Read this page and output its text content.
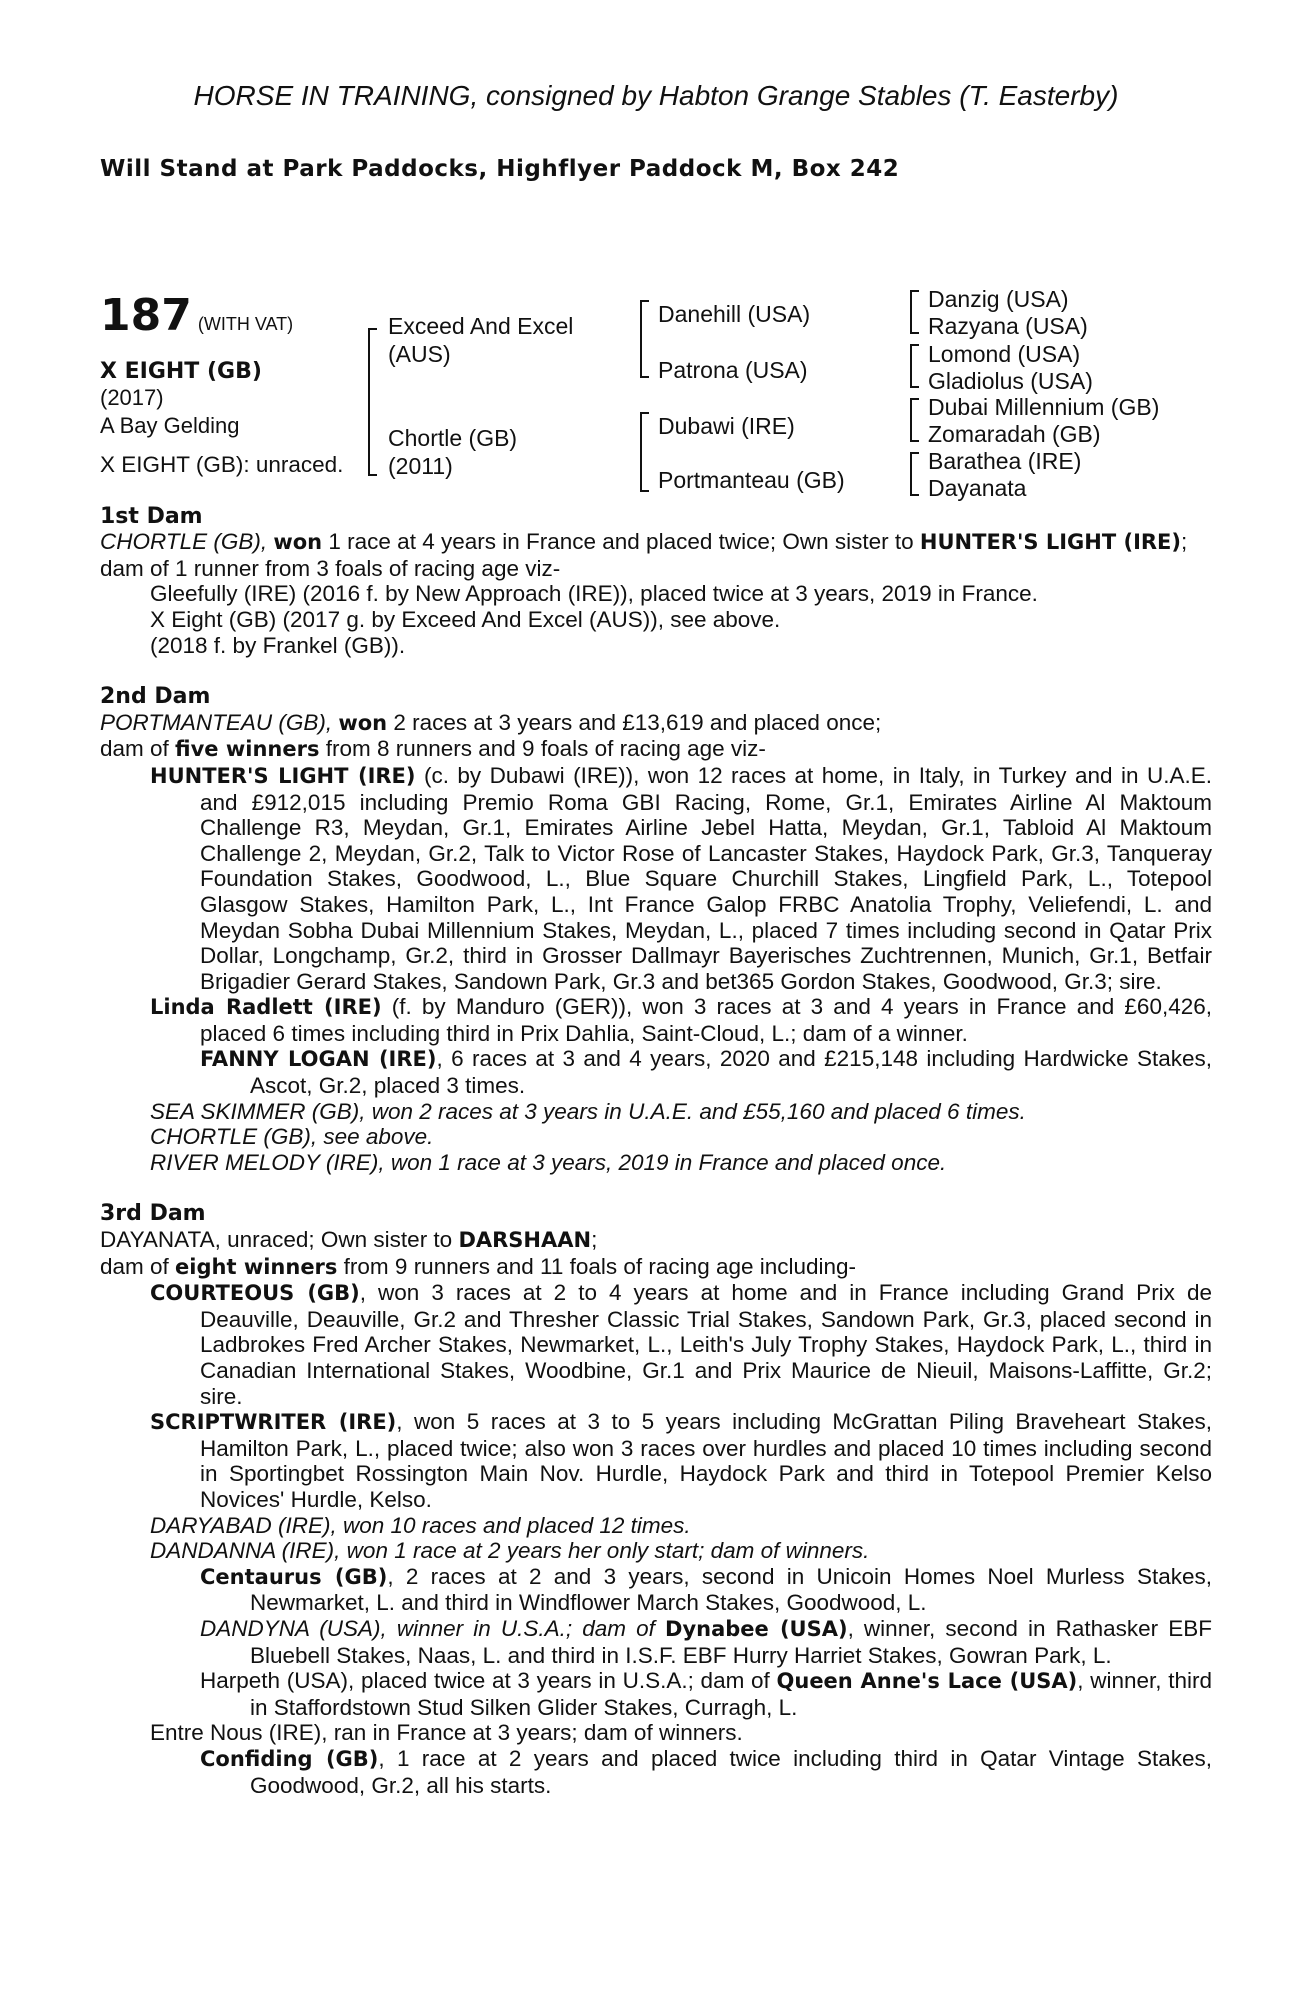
HORSE IN TRAINING, consigned by Habton Grange Stables (T. Easterby)

Will Stand at Park Paddocks, Highflyer Paddock M, Box 242
187 (WITH VAT)
X EIGHT (GB)
(2017)
A Bay Gelding
Exceed And Excel (AUS)
Chortle (GB) (2011)
Danehill (USA)
Patrona (USA)
Dubawi (IRE)
Portmanteau (GB)
Danzig (USA)
Razyana (USA)
Lomond (USA)
Gladiolus (USA)
Dubai Millennium (GB)
Zomaradah (GB)
Barathea (IRE)
Dayanata

X EIGHT (GB): unraced.

1st Dam

CHORTLE (GB), won 1 race at 4 years in France and placed twice; Own sister to HUNTER'S LIGHT (IRE);

dam of 1 runner from 3 foals of racing age viz-

Gleefully (IRE) (2016 f. by New Approach (IRE)), placed twice at 3 years, 2019 in France.

X Eight (GB) (2017 g. by Exceed And Excel (AUS)), see above.

(2018 f. by Frankel (GB)).

2nd Dam

PORTMANTEAU (GB), won 2 races at 3 years and £13,619 and placed once;

dam of five winners from 8 runners and 9 foals of racing age viz-

HUNTER'S LIGHT (IRE) (c. by Dubawi (IRE)), won 12 races at home, in Italy, in Turkey and in U.A.E. and £912,015 including Premio Roma GBI Racing, Rome, Gr.1, Emirates Airline Al Maktoum Challenge R3, Meydan, Gr.1, Emirates Airline Jebel Hatta, Meydan, Gr.1, Tabloid Al Maktoum Challenge 2, Meydan, Gr.2, Talk to Victor Rose of Lancaster Stakes, Haydock Park, Gr.3, Tanqueray Foundation Stakes, Goodwood, L., Blue Square Churchill Stakes, Lingfield Park, L., Totepool Glasgow Stakes, Hamilton Park, L., Int France Galop FRBC Anatolia Trophy, Veliefendi, L. and Meydan Sobha Dubai Millennium Stakes, Meydan, L., placed 7 times including second in Qatar Prix Dollar, Longchamp, Gr.2, third in Grosser Dallmayr Bayerisches Zuchtrennen, Munich, Gr.1, Betfair Brigadier Gerard Stakes, Sandown Park, Gr.3 and bet365 Gordon Stakes, Goodwood, Gr.3; sire.

Linda Radlett (IRE) (f. by Manduro (GER)), won 3 races at 3 and 4 years in France and £60,426, placed 6 times including third in Prix Dahlia, Saint-Cloud, L.; dam of a winner.

FANNY LOGAN (IRE), 6 races at 3 and 4 years, 2020 and £215,148 including Hardwicke Stakes, Ascot, Gr.2, placed 3 times.

SEA SKIMMER (GB), won 2 races at 3 years in U.A.E. and £55,160 and placed 6 times.

CHORTLE (GB), see above.

RIVER MELODY (IRE), won 1 race at 3 years, 2019 in France and placed once.

3rd Dam

DAYANATA, unraced; Own sister to DARSHAAN;

dam of eight winners from 9 runners and 11 foals of racing age including-

COURTEOUS (GB), won 3 races at 2 to 4 years at home and in France including Grand Prix de Deauville, Deauville, Gr.2 and Thresher Classic Trial Stakes, Sandown Park, Gr.3, placed second in Ladbrokes Fred Archer Stakes, Newmarket, L., Leith's July Trophy Stakes, Haydock Park, L., third in Canadian International Stakes, Woodbine, Gr.1 and Prix Maurice de Nieuil, Maisons-Laffitte, Gr.2; sire.

SCRIPTWRITER (IRE), won 5 races at 3 to 5 years including McGrattan Piling Braveheart Stakes, Hamilton Park, L., placed twice; also won 3 races over hurdles and placed 10 times including second in Sportingbet Rossington Main Nov. Hurdle, Haydock Park and third in Totepool Premier Kelso Novices' Hurdle, Kelso.

DARYABAD (IRE), won 10 races and placed 12 times.

DANDANNA (IRE), won 1 race at 2 years her only start; dam of winners.

Centaurus (GB), 2 races at 2 and 3 years, second in Unicoin Homes Noel Murless Stakes, Newmarket, L. and third in Windflower March Stakes, Goodwood, L.

DANDYNA (USA), winner in U.S.A.; dam of Dynabee (USA), winner, second in Rathasker EBF Bluebell Stakes, Naas, L. and third in I.S.F. EBF Hurry Harriet Stakes, Gowran Park, L.

Harpeth (USA), placed twice at 3 years in U.S.A.; dam of Queen Anne's Lace (USA), winner, third in Staffordstown Stud Silken Glider Stakes, Curragh, L.

Entre Nous (IRE), ran in France at 3 years; dam of winners.

Confiding (GB), 1 race at 2 years and placed twice including third in Qatar Vintage Stakes, Goodwood, Gr.2, all his starts.
